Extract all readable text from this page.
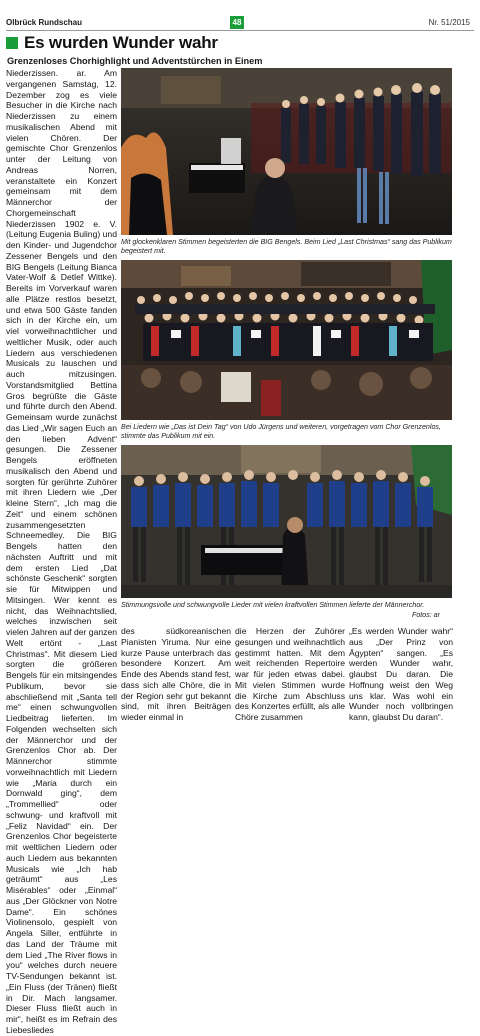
Olbrück Rundschau	48	Nr. 51/2015
Es wurden Wunder wahr
Grenzenloses Chorhighlight und Adventstürchen in Einem
Niederzissen. ar. Am vergangenen Samstag, 12. Dezember zog es viele Besucher in die Kirche nach Niederzissen zu einem musikalischen Abend mit vielen Chören. Der gemischte Chor Grenzenlos unter der Leitung von Andreas Norren, veranstaltete ein Konzert gemeinsam mit dem Männerchor der Chorgemeinschaft Niederzissen 1902 e. V. (Leitung Eugenia Buling) und den Kinder- und Jugendchor Zessener Bengels und den BIG Bengels (Leitung Bianca Vater-Wolf & Detlef Wittke). Bereits im Vorverkauf waren alle Plätze restlos besetzt, und etwa 500 Gäste fanden sich in der Kirche ein, um viel vorweihnachtlicher und weltlicher Musik, oder auch Liedern aus verschiedenen Musicals zu lauschen und auch mitzusingen. Vorstandsmitglied Bettina Gros begrüßte die Gäste und führte durch den Abend. Gemeinsam wurde zunächst das Lied „Wir sagen Euch an den lieben Advent“ gesungen. Die Zessener Bengels eröffneten musikalisch den Abend und sorgten für gerührte Zuhörer mit ihren Liedern wie „Der kleine Stern“, „Ich mag die Zeit“ und einem schönen zusammengesetzten Schneemedley. Die BIG Bengels hatten den nächsten Auftritt und mit dem ersten Lied „Dat schönste Geschenk“ sorgten sie für Mitwippen und Mitsingen. Wer kennt es nicht, das Weihnachtslied, welches inzwischen seit vielen Jahren auf der ganzen Welt ertönt - „Last Christmas“. Mit diesem Lied sorgten die größeren Bengels für ein mitsingendes Publikum, bevor sie abschließend mit „Santa tell me“ einen schwungvollen Liedbeitrag lieferten. Im Folgenden wechselten sich der Männerchor und der Grenzenlos Chor ab. Der Männerchor stimmte vorweihnachtlich mit Liedern wie „Maria durch ein Dornwald ging“, dem „Trommellied“ oder schwung- und kraftvoll mit „Feliz Navidad“ ein. Der Grenzenlos Chor begeisterte mit weltlichen Liedern oder auch Liedern aus bekannten Musicals wie „Ich hab geträumt“ aus „Les Misérables“ oder „Einmal“ aus „Der Glöckner von Notre Dame“. Ein schönes Violinensolo, gespielt von Angela Siller, entführte in das Land der Träume mit dem Lied „The River flows in you“ welches durch neuere TV-Sendungen bekannt ist. „Ein Fluss (der Tränen) fließt in Dir. Mach langsamer. Dieser Fluss fließt auch in mir“, heißt es im Refrain des Liebesliedes
Mit glockenklaren Stimmen begeisterten die BIG Bengels. Beim Lied „Last Christmas“ sang das Publikum begeistert mit.
Bei Liedern wie „Das ist Dein Tag“ von Udo Jürgens und weiteren, vorgetragen vom Chor Grenzenlos, stimmte das Publikum mit ein.
Stimmungsvolle und schwungvolle Lieder mit vielen kraftvollen Stimmen lieferte der Männerchor.
Fotos: ar
des südkoreanischen Pianisten Yiruma. Nur eine kurze Pause unterbrach das besondere Konzert. Am Ende des Abends stand fest, dass sich alle Chöre, die in der Region sehr gut bekannt sind, mit ihren Beiträgen wieder einmal in
die Herzen der Zuhörer gesungen und weihnachtlich gestimmt hatten. Mit dem weit reichenden Repertoire war für jeden etwas dabei. Mit vielen Stimmen wurde die Kirche zum Abschluss des Konzertes erfüllt, als alle Chöre zusammen
„Es werden Wunder wahr“ aus „Der Prinz von Ägypten“ sangen. „Es werden Wunder wahr, glaubst Du daran. Die Hoffnung weist den Weg uns klar. Was wohl ein Wunder noch vollbringen kann, glaubst Du daran“.
